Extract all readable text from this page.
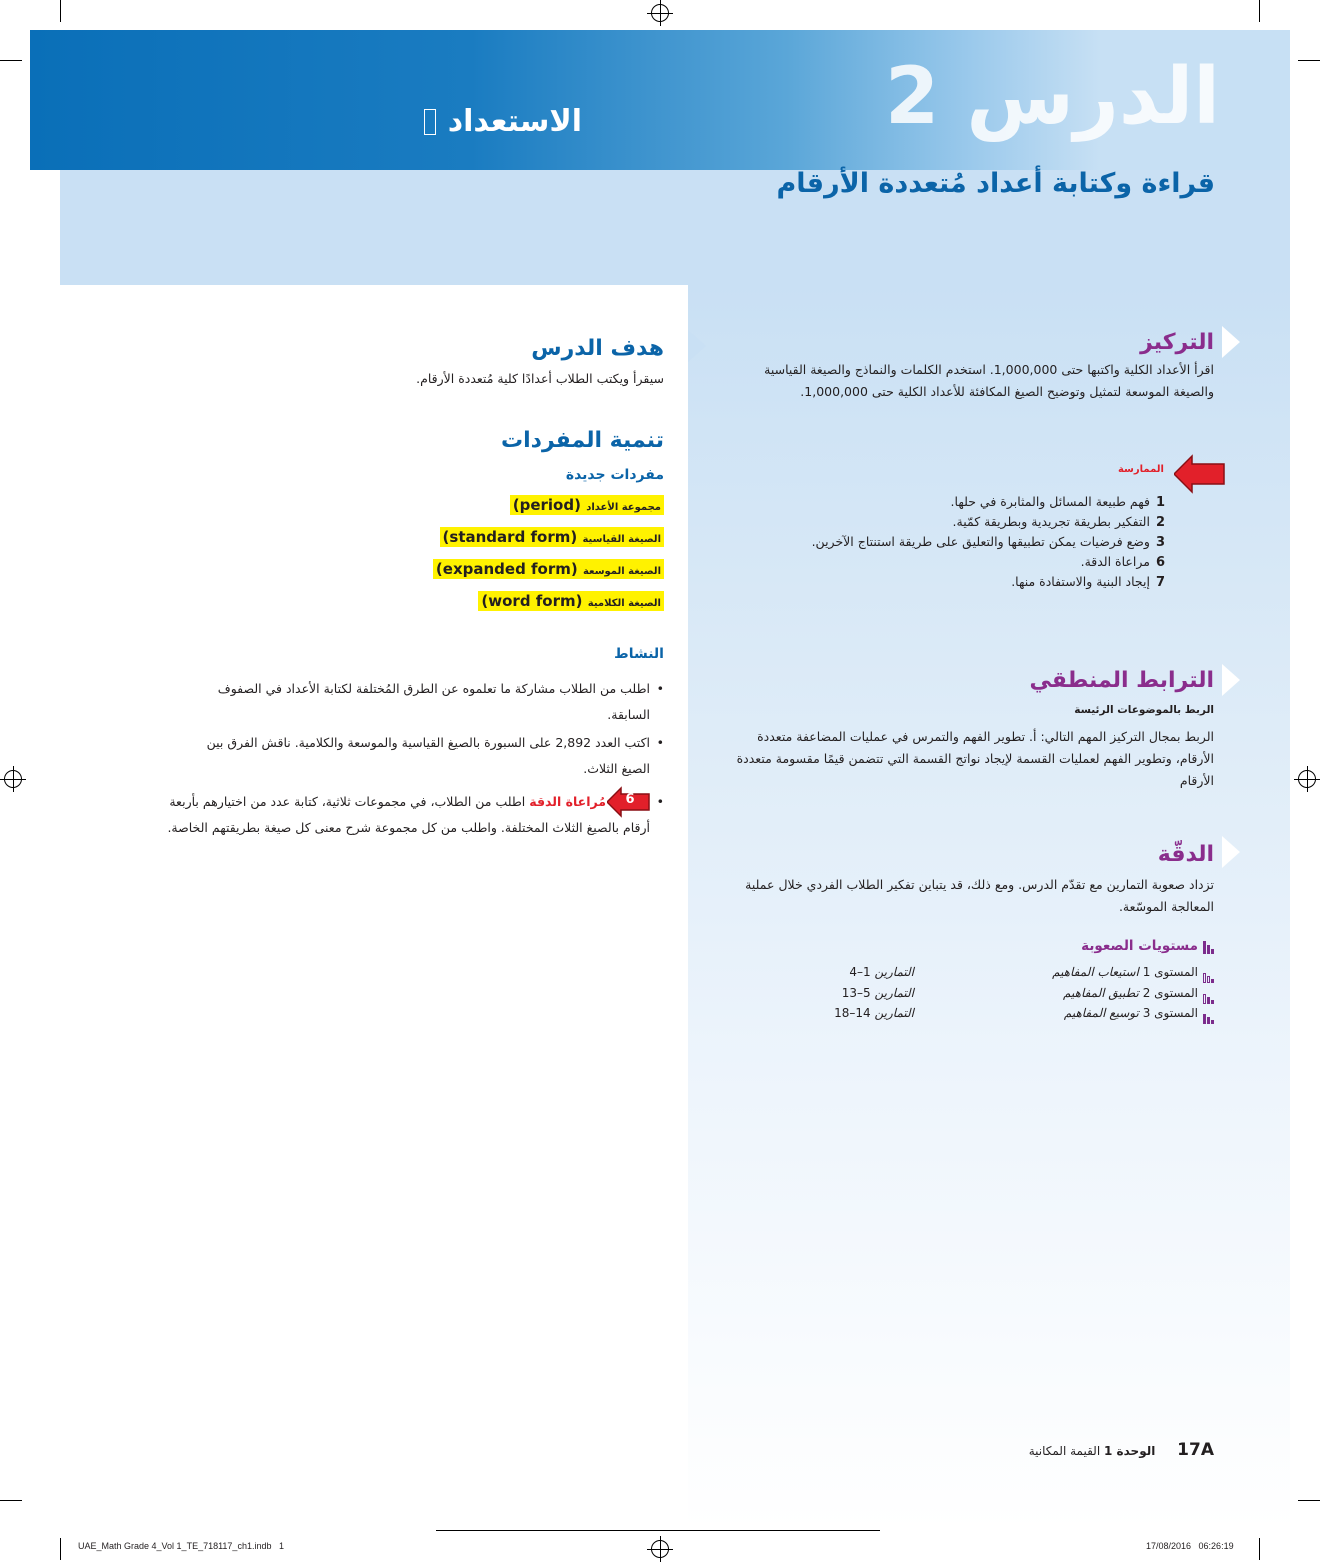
الدرس 2
الاستعداد
قراءة وكتابة أعداد مُتعددة الأرقام
هدف الدرس
سيقرأ ويكتب الطلاب أعدادًا كلية مُتعددة الأرقام.
تنمية المفردات
مفردات جديدة
مجموعة الأعداد (period)
الصيغة القياسية (standard form)
الصيغة الموسعة (expanded form)
الصيغة الكلامية (word form)
النشاط
• اطلب من الطلاب مشاركة ما تعلموه عن الطرق المُختلفة لكتابة الأعداد في الصفوف السابقة.
• اكتب العدد 2,892 على السبورة بالصيغ القياسية والموسعة والكلامية. ناقش الفرق بين الصيغ الثلاث.
•
مُراعاة الدقة اطلب من الطلاب، في مجموعات ثلاثية، كتابة عدد من اختيارهم بأربعة أرقام بالصيغ الثلاث المختلفة. واطلب من كل مجموعة شرح معنى كل صيغة بطريقتهم الخاصة.
6
التركيز
اقرأ الأعداد الكلية واكتبها حتى 1,000,000. استخدم الكلمات والنماذج والصيغة القياسية والصيغة الموسعة لتمثيل وتوضيح الصيغ المكافئة للأعداد الكلية حتى 1,000,000.
الممارسة
1فهم طبيعة المسائل والمثابرة في حلها.
2التفكير بطريقة تجريدية وبطريقة كمّية.
3وضع فرضيات يمكن تطبيقها والتعليق على طريقة استنتاج الآخرين.
6مراعاة الدقة.
7إيجاد البنية والاستفادة منها.
الترابط المنطقي
الربط بالموضوعات الرئيسة
الربط بمجال التركيز المهم التالي: أ. تطوير الفهم والتمرس في عمليات المضاعفة متعددة الأرقام، وتطوير الفهم لعمليات القسمة لإيجاد نواتج القسمة التي تتضمن قيمًا مقسومة متعددة الأرقام
الدقّة
تزداد صعوبة التمارين مع تقدّم الدرس. ومع ذلك، قد يتباين تفكير الطلاب الفردي خلال عملية المعالجة الموسّعة.
مستويات الصعوبة
المستوى 1 استيعاب المفاهيم
التمارين 1–4
المستوى 2 تطبيق المفاهيم
التمارين 5–13
المستوى 3 توسيع المفاهيم
التمارين 14–18
17A الوحدة 1 القيمة المكانية
UAE_Math Grade 4_Vol 1_TE_718117_ch1.indb   1	17/08/2016   06:26:19
